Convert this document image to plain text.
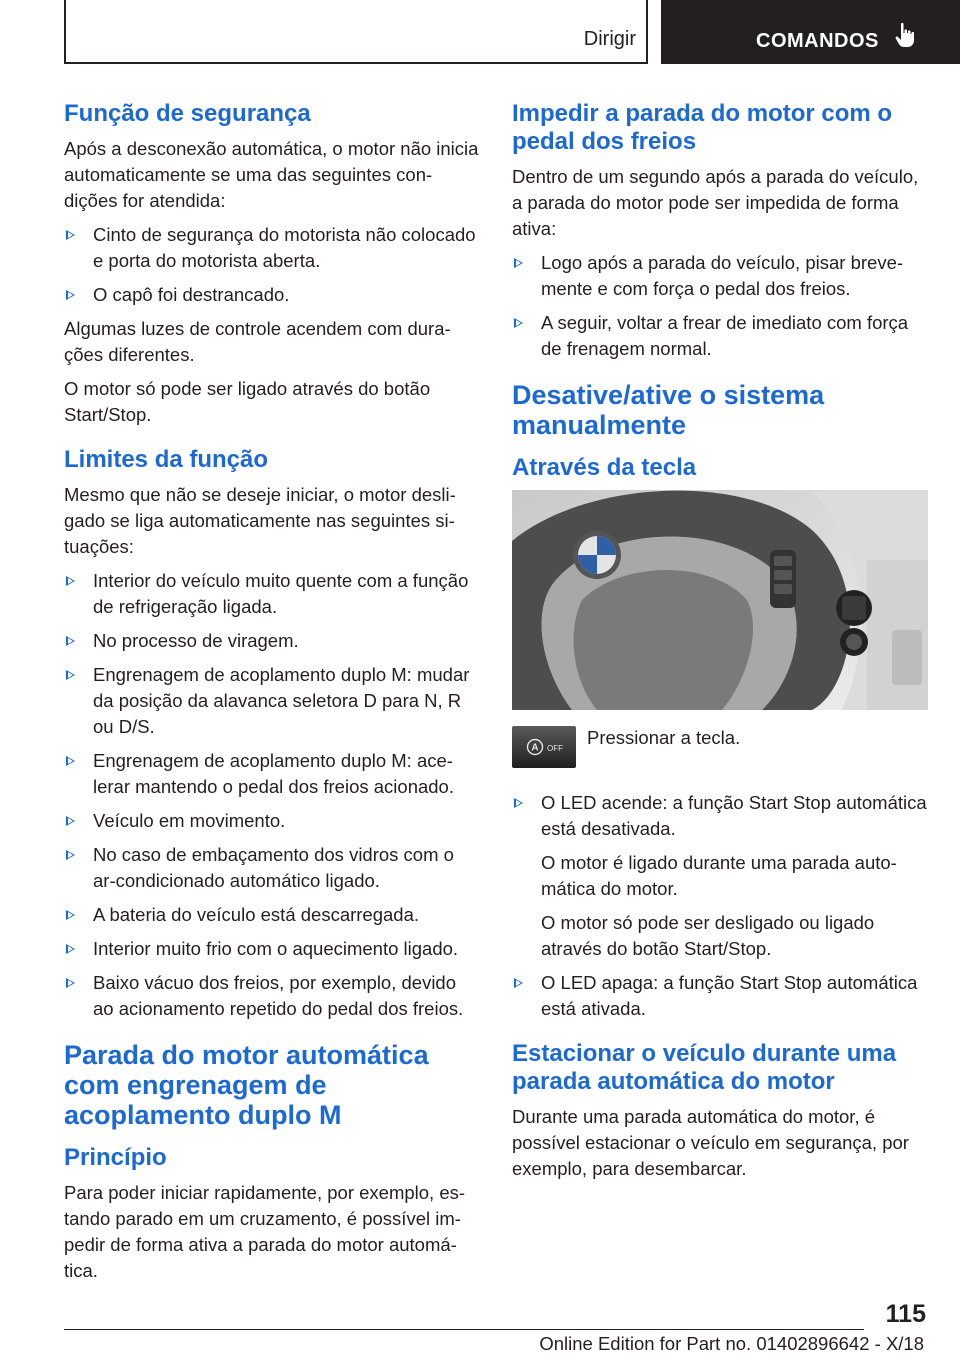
Dirigir	COMANDOS
Função de segurança

Após a desconexão automática, o motor não inicia automaticamente se uma das seguintes condições for atendida:

Cinto de segurança do motorista não colocado e porta do motorista aberta.
O capô foi destrancado.

Algumas luzes de controle acendem com durações diferentes.

O motor só pode ser ligado através do botão Start/Stop.

Limites da função

Mesmo que não se deseje iniciar, o motor desligado se liga automaticamente nas seguintes situações:

Interior do veículo muito quente com a função de refrigeração ligada.
No processo de viragem.
Engrenagem de acoplamento duplo M: mudar da posição da alavanca seletora D para N, R ou D/S.
Engrenagem de acoplamento duplo M: acelerar mantendo o pedal dos freios acionado.
Veículo em movimento.
No caso de embaçamento dos vidros com o ar-condicionado automático ligado.
A bateria do veículo está descarregada.
Interior muito frio com o aquecimento ligado.
Baixo vácuo dos freios, por exemplo, devido ao acionamento repetido do pedal dos freios.
Parada do motor automática com engrenagem de acoplamento duplo M
Princípio

Para poder iniciar rapidamente, por exemplo, estando parado em um cruzamento, é possível impedir de forma ativa a parada do motor automática.

Impedir a parada do motor com o pedal dos freios

Dentro de um segundo após a parada do veículo, a parada do motor pode ser impedida de forma ativa:

Logo após a parada do veículo, pisar brevemente e com força o pedal dos freios.
A seguir, voltar a frear de imediato com força de frenagem normal.
Desative/ative o sistema manualmente
Através da tecla
A OFF
Pressionar a tecla.
O LED acende: a função Start Stop automática está desativada.

O motor é ligado durante uma parada automática do motor.

O motor só pode ser desligado ou ligado através do botão Start/Stop.

O LED apaga: a função Start Stop automática está ativada.
Estacionar o veículo durante uma parada automática do motor

Durante uma parada automática do motor, é possível estacionar o veículo em segurança, por exemplo, para desembarcar.

115
Online Edition for Part no. 01402896642 - X/18
